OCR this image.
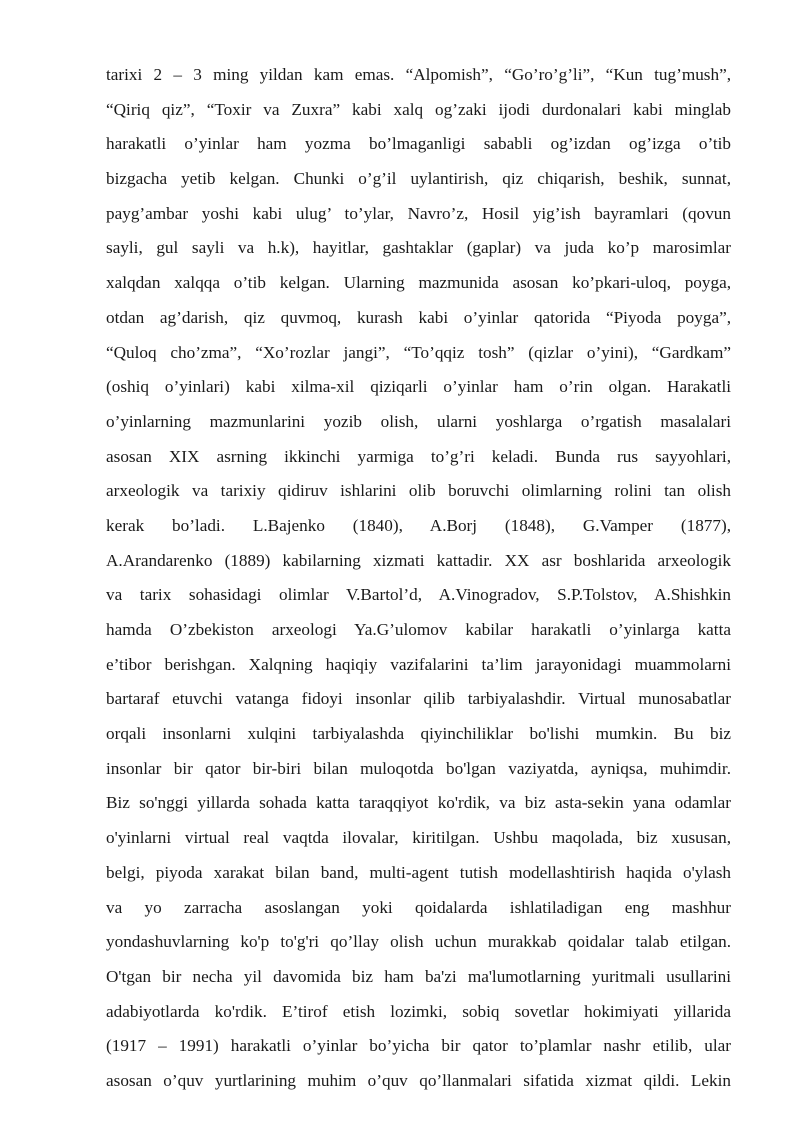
tarixi 2 – 3 ming yildan kam emas. “Alpomish”, “Go’ro’g’li”, “Kun tug’mush”,
“Qiriq qiz”, “Toxir va Zuxra” kabi xalq og’zaki ijodi durdonalari kabi minglab
harakatli o’yinlar ham yozma bo’lmaganligi sababli og’izdan og’izga o’tib
bizgacha yetib kelgan. Chunki o’g’il uylantirish, qiz chiqarish, beshik, sunnat,
payg’ambar yoshi kabi ulug’ to’ylar, Navro’z, Hosil yig’ish bayramlari (qovun
sayli, gul sayli va h.k), hayitlar, gashtaklar (gaplar) va juda ko’p marosimlar
xalqdan xalqqa o’tib kelgan. Ularning mazmunida asosan ko’pkari-uloq, poyga,
otdan ag’darish, qiz quvmoq, kurash kabi o’yinlar qatorida “Piyoda poyga”,
“Quloq cho’zma”, “Xo’rozlar jangi”, “To’qqiz tosh” (qizlar o’yini), “Gardkam”
(oshiq o’yinlari) kabi xilma-xil qiziqarli o’yinlar ham o’rin olgan. Harakatli
o’yinlarning mazmunlarini yozib olish, ularni yoshlarga o’rgatish masalalari
asosan XIX asrning ikkinchi yarmiga to’g’ri keladi. Bunda rus sayyohlari,
arxeologik va tarixiy qidiruv ishlarini olib boruvchi olimlarning rolini tan olish
kerak bo’ladi. L.Bajenko (1840), A.Borj (1848), G.Vamper (1877),
A.Arandarenko (1889) kabilarning xizmati kattadir. XX asr boshlarida arxeologik
va tarix sohasidagi olimlar V.Bartol’d, A.Vinogradov, S.P.Tolstov, A.Shishkin
hamda O’zbekiston arxeologi Ya.G’ulomov kabilar harakatli o’yinlarga katta
e’tibor berishgan. Xalqning haqiqiy vazifalarini ta’lim jarayonidagi muammolarni
bartaraf etuvchi vatanga fidoyi insonlar qilib tarbiyalashdir. Virtual munosabatlar
orqali insonlarni xulqini tarbiyalashda qiyinchiliklar bo'lishi mumkin. Bu biz
insonlar bir qator bir-biri bilan muloqotda bo'lgan vaziyatda, ayniqsa, muhimdir.
Biz so'nggi yillarda sohada katta taraqqiyot ko'rdik, va biz asta-sekin yana odamlar
o'yinlarni virtual real vaqtda ilovalar, kiritilgan. Ushbu maqolada, biz xususan,
belgi, piyoda xarakat bilan band, multi-agent tutish modellashtirish haqida o'ylash
va yo zarracha asoslangan yoki qoidalarda ishlatiladigan eng mashhur
yondashuvlarning ko'p to'g'ri qo’llay olish uchun murakkab qoidalar talab etilgan.
O'tgan bir necha yil davomida biz ham ba'zi ma'lumotlarning yuritmali usullarini
adabiyotlarda ko'rdik. E’tirof etish lozimki, sobiq sovetlar hokimiyati yillarida
(1917 – 1991) harakatli o’yinlar bo’yicha bir qator to’plamlar nashr etilib, ular
asosan o’quv yurtlarining muhim o’quv qo’llanmalari sifatida xizmat qildi. Lekin
